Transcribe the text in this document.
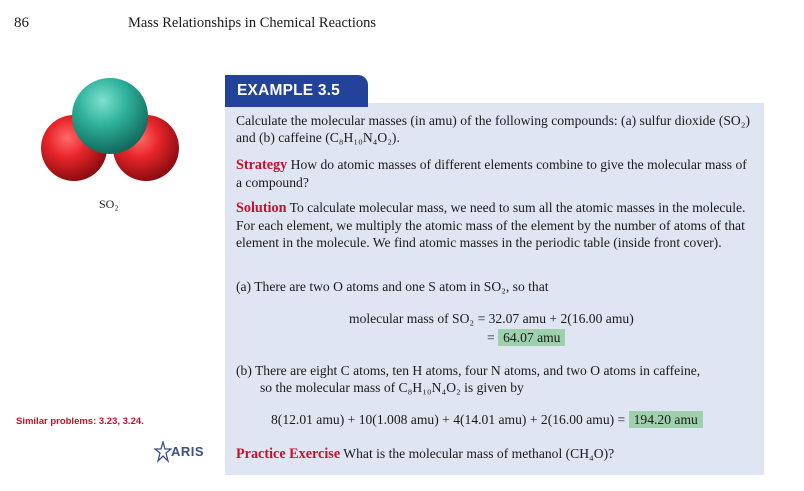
86	Mass Relationships in Chemical Reactions
SO₂
Similar problems: 3.23, 3.24.
ARIS
EXAMPLE 3.5
Calculate the molecular masses (in amu) of the following compounds: (a) sulfur dioxide (SO₂) and (b) caffeine (C₈H₁₀N₄O₂).
Strategy How do atomic masses of different elements combine to give the molecular mass of a compound?
Solution To calculate molecular mass, we need to sum all the atomic masses in the molecule. For each element, we multiply the atomic mass of the element by the number of atoms of that element in the molecule. We find atomic masses in the periodic table (inside front cover).
(a) There are two O atoms and one S atom in SO₂, so that
molecular mass of SO₂ = 32.07 amu + 2(16.00 amu)
= 64.07 amu
(b) There are eight C atoms, ten H atoms, four N atoms, and two O atoms in caffeine,
so the molecular mass of C₈H₁₀N₄O₂ is given by
8(12.01 amu) + 10(1.008 amu) + 4(14.01 amu) + 2(16.00 amu) = 194.20 amu
Practice Exercise What is the molecular mass of methanol (CH₄O)?
